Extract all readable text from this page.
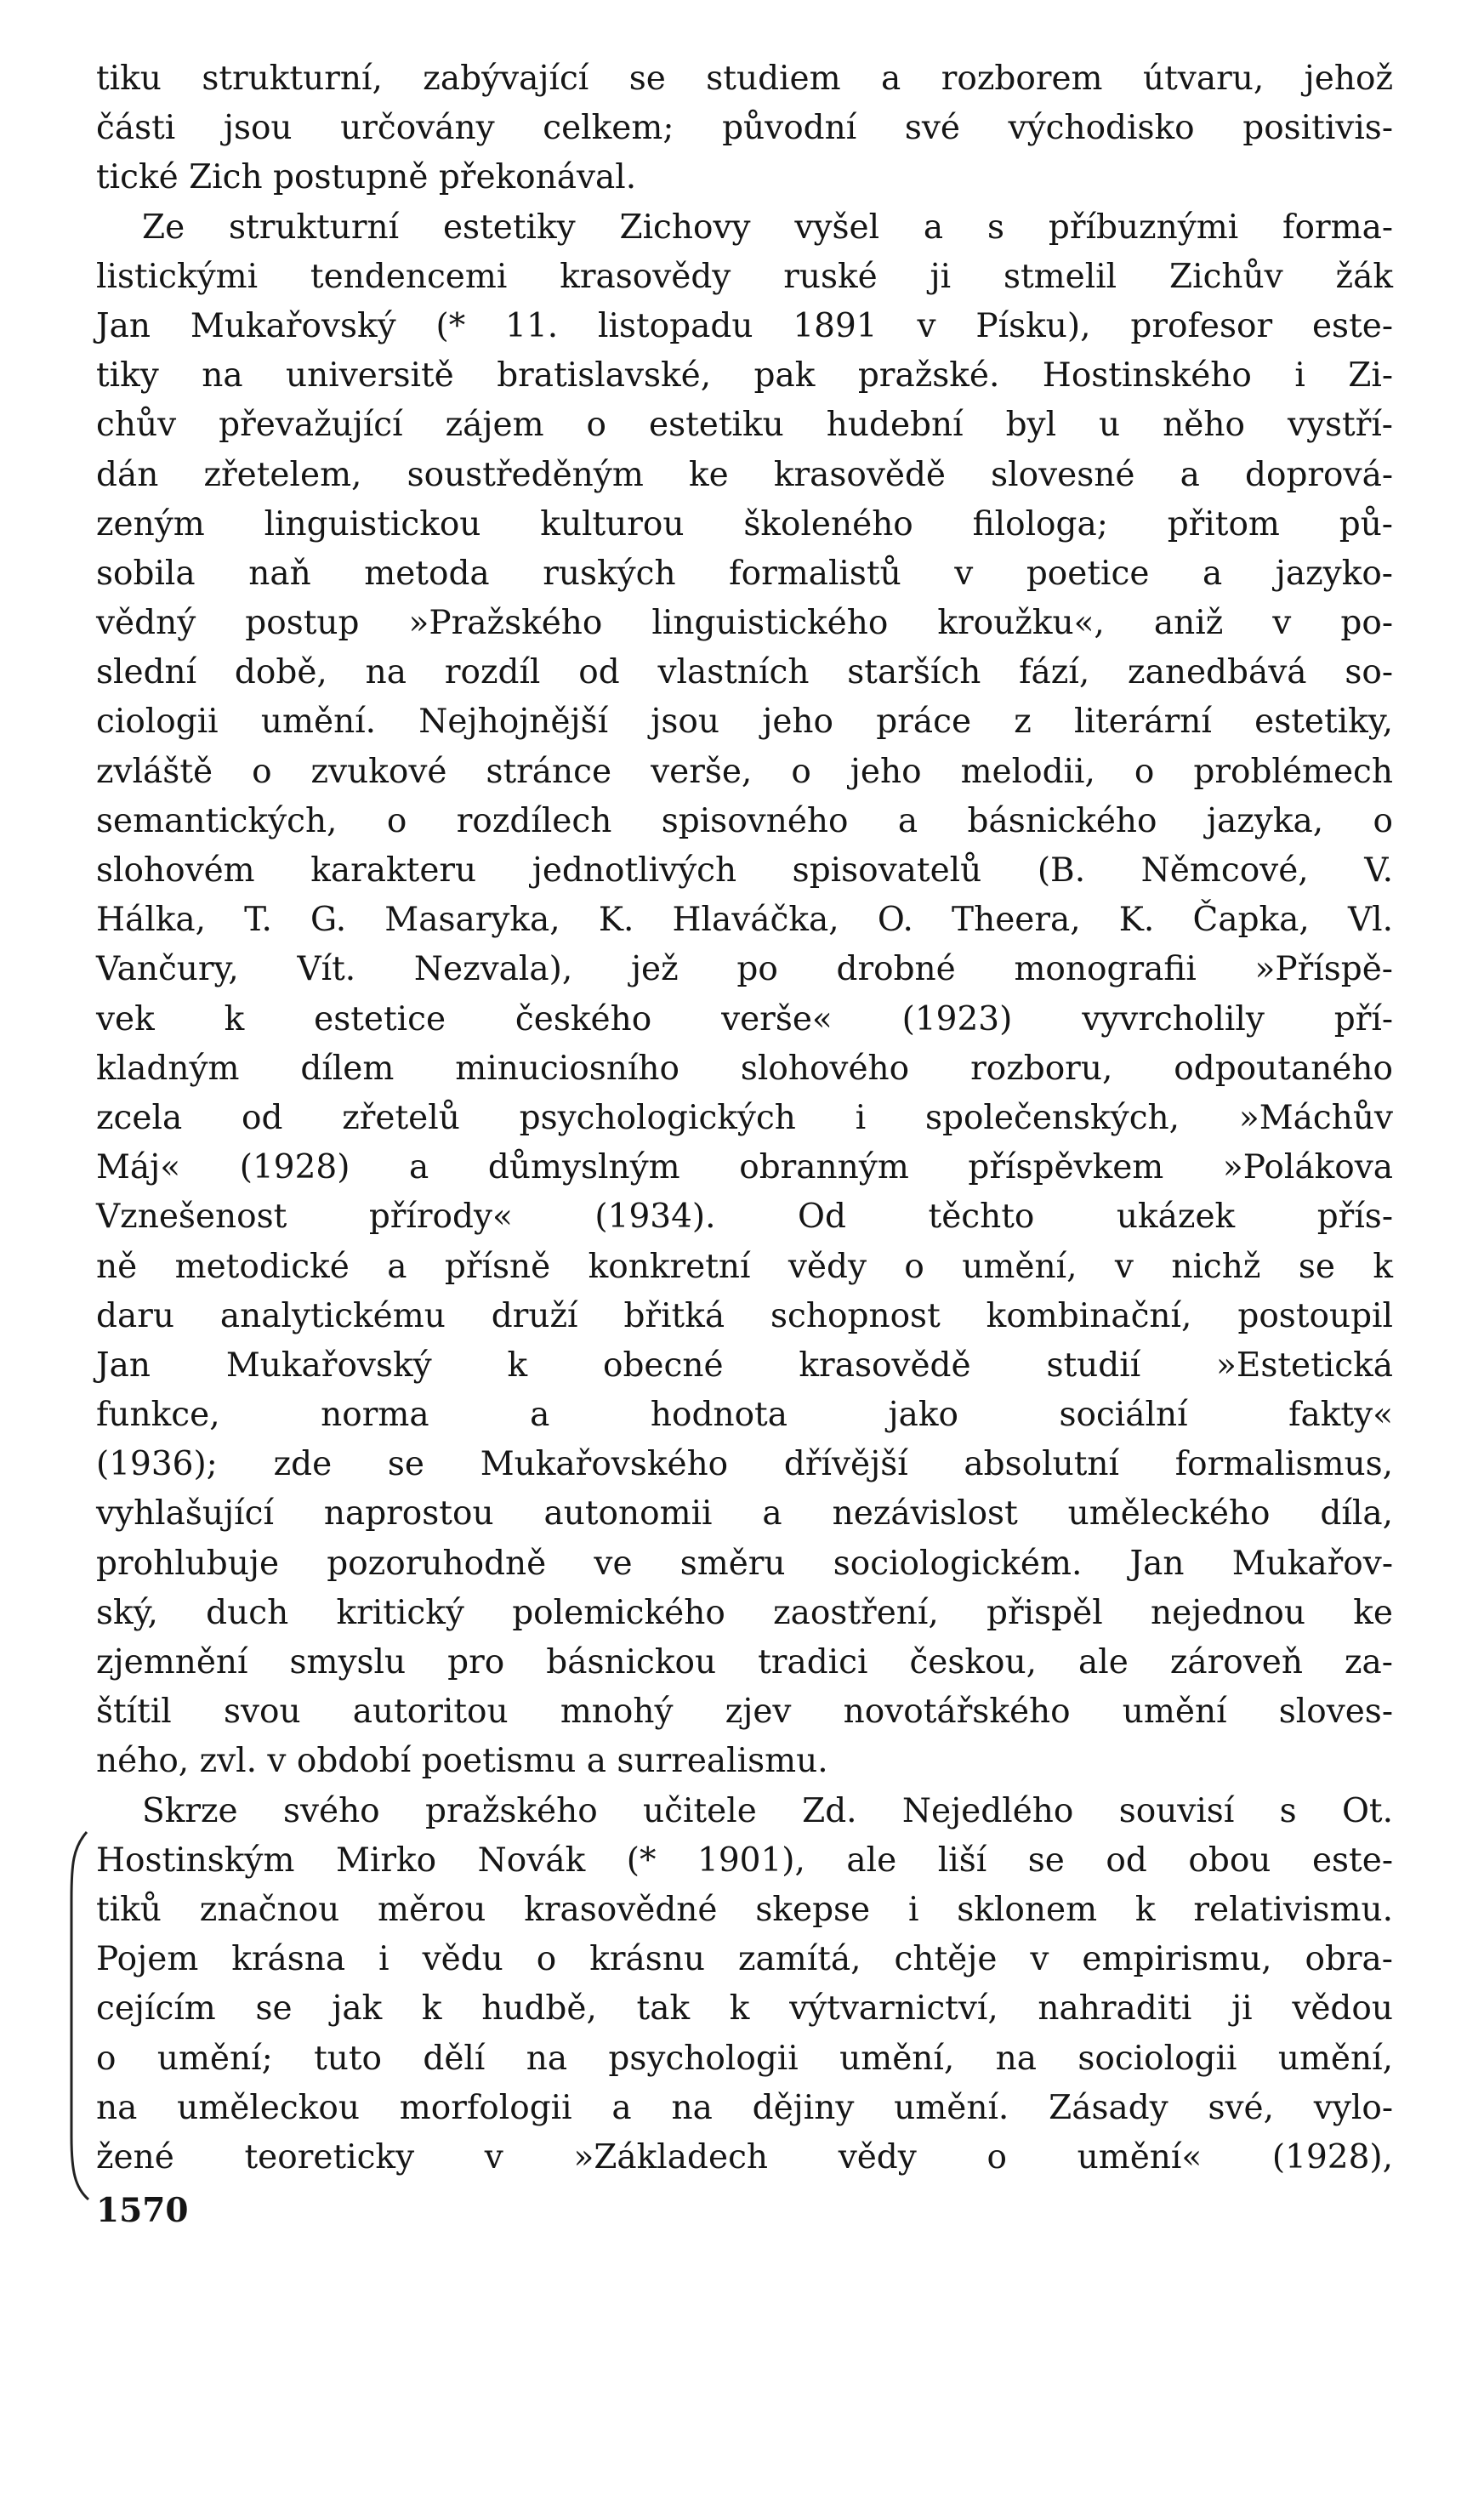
tiku strukturní, zabývající se studiem a rozborem útvaru, jehož
části jsou určovány celkem; původní své východisko positivis-
tické Zich postupně překonával.
Ze strukturní estetiky Zichovy vyšel a s příbuznými forma-
listickými tendencemi krasovědy ruské ji stmelil Zichův žák
Jan Mukařovský (* 11. listopadu 1891 v Písku), profesor este-
tiky na universitě bratislavské, pak pražské. Hostinského i Zi-
chův převažující zájem o estetiku hudební byl u něho vystří-
dán zřetelem, soustředěným ke krasovědě slovesné a doprová-
zeným linguistickou kulturou školeného filologa; přitom pů-
sobila naň metoda ruských formalistů v poetice a jazyko-
vědný postup »Pražského linguistického kroužku«, aniž v po-
slední době, na rozdíl od vlastních starších fází, zanedbává so-
ciologii umění. Nejhojnější jsou jeho práce z literární estetiky,
zvláště o zvukové stránce verše, o jeho melodii, o problémech
semantických, o rozdílech spisovného a básnického jazyka, o
slohovém karakteru jednotlivých spisovatelů (B. Němcové, V.
Hálka, T. G. Masaryka, K. Hlaváčka, O. Theera, K. Čapka, Vl.
Vančury, Vít. Nezvala), jež po drobné monografii »Příspě-
vek k estetice českého verše« (1923) vyvrcholily pří-
kladným dílem minuciosního slohového rozboru, odpoutaného
zcela od zřetelů psychologických i společenských, »Máchův
Máj« (1928) a důmyslným obranným příspěvkem »Polákova
Vznešenost přírody« (1934). Od těchto ukázek přís-
ně metodické a přísně konkretní vědy o umění, v nichž se k
daru analytickému druží břitká schopnost kombinační, postoupil
Jan Mukařovský k obecné krasovědě studií »Estetická
funkce, norma a hodnota jako sociální fakty«
(1936); zde se Mukařovského dřívější absolutní formalismus,
vyhlašující naprostou autonomii a nezávislost uměleckého díla,
prohlubuje pozoruhodně ve směru sociologickém. Jan Mukařov-
ský, duch kritický polemického zaostření, přispěl nejednou ke
zjemnění smyslu pro básnickou tradici českou, ale zároveň za-
štítil svou autoritou mnohý zjev novotářského umění sloves-
ného, zvl. v období poetismu a surrealismu.
Skrze svého pražského učitele Zd. Nejedlého souvisí s Ot.
Hostinským Mirko Novák (* 1901), ale liší se od obou este-
tiků značnou měrou krasovědné skepse i sklonem k relativismu.
Pojem krásna i vědu o krásnu zamítá, chtěje v empirismu, obra-
cejícím se jak k hudbě, tak k výtvarnictví, nahraditi ji vědou
o umění; tuto dělí na psychologii umění, na sociologii umění,
na uměleckou morfologii a na dějiny umění. Zásady své, vylo-
žené teoreticky v »Základech vědy o umění« (1928),
1570
